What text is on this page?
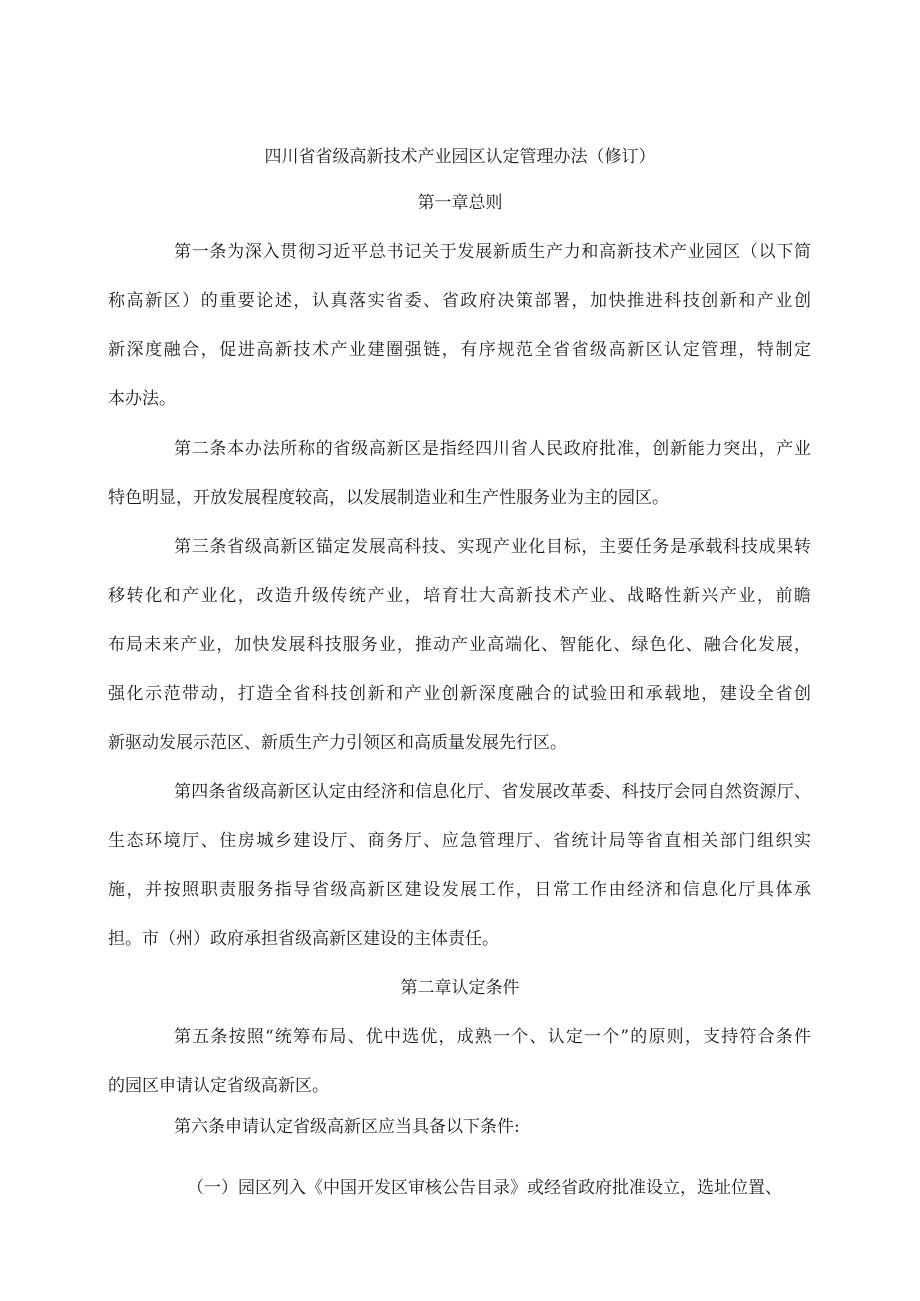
四川省省级高新技术产业园区认定管理办法（修订）

第一章总则

第一条为深入贯彻习近平总书记关于发展新质生产力和高新技术产业园区（以下简

称高新区）的重要论述，认真落实省委、省政府决策部署，加快推进科技创新和产业创

新深度融合，促进高新技术产业建圈强链，有序规范全省省级高新区认定管理，特制定

本办法。

第二条本办法所称的省级高新区是指经四川省人民政府批准，创新能力突出，产业

特色明显，开放发展程度较高，以发展制造业和生产性服务业为主的园区。

第三条省级高新区锚定发展高科技、实现产业化目标，主要任务是承载科技成果转

移转化和产业化，改造升级传统产业，培育壮大高新技术产业、战略性新兴产业，前瞻

布局未来产业，加快发展科技服务业，推动产业高端化、智能化、绿色化、融合化发展，

强化示范带动，打造全省科技创新和产业创新深度融合的试验田和承载地，建设全省创

新驱动发展示范区、新质生产力引领区和高质量发展先行区。

第四条省级高新区认定由经济和信息化厅、省发展改革委、科技厅会同自然资源厅、

生态环境厅、住房城乡建设厅、商务厅、应急管理厅、省统计局等省直相关部门组织实

施，并按照职责服务指导省级高新区建设发展工作，日常工作由经济和信息化厅具体承

担。市（州）政府承担省级高新区建设的主体责任。

第二章认定条件

第五条按照“统筹布局、优中选优，成熟一个、认定一个”的原则，支持符合条件

的园区申请认定省级高新区。

第六条申请认定省级高新区应当具备以下条件:

（一）园区列入《中国开发区审核公告目录》或经省政府批准设立，选址位置、
